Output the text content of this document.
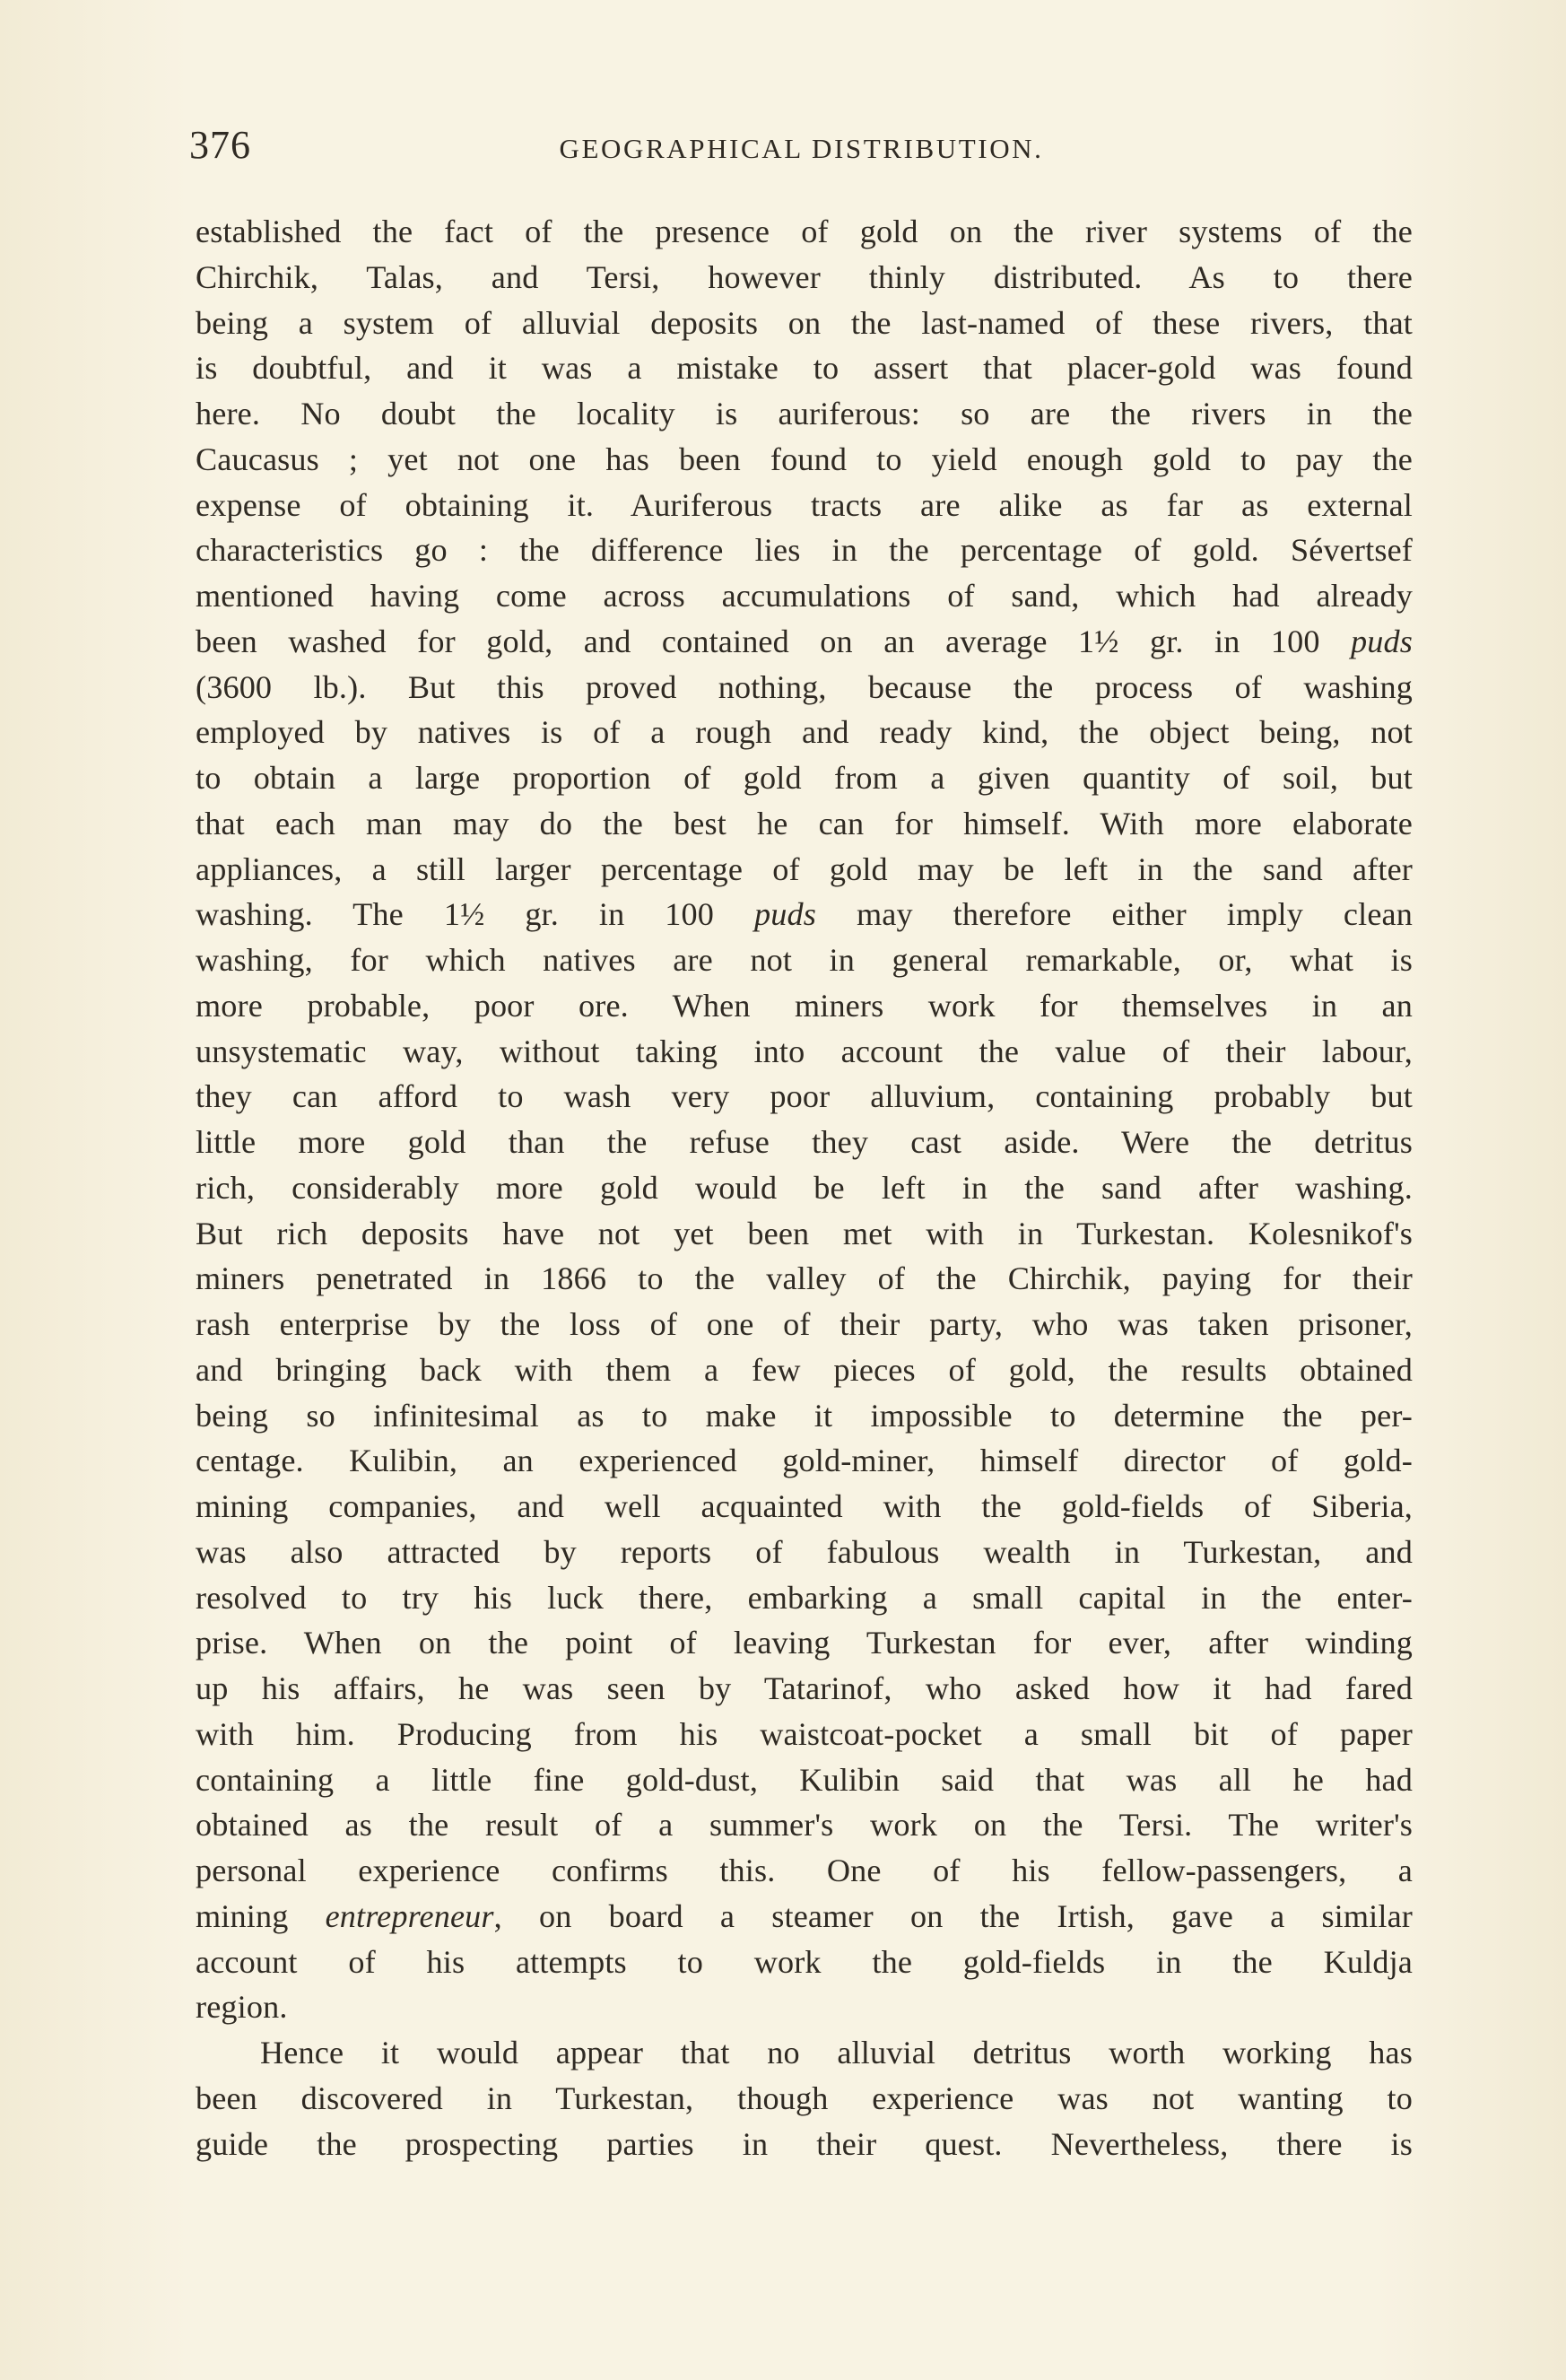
376	GEOGRAPHICAL DISTRIBUTION.
established the fact of the presence of gold on the river systems of the
Chirchik, Talas, and Tersi, however thinly distributed. As to there
being a system of alluvial deposits on the last-named of these rivers, that
is doubtful, and it was a mistake to assert that placer-gold was found
here. No doubt the locality is auriferous: so are the rivers in the
Caucasus ; yet not one has been found to yield enough gold to pay the
expense of obtaining it. Auriferous tracts are alike as far as external
characteristics go : the difference lies in the percentage of gold. Sévertsef
mentioned having come across accumulations of sand, which had already
been washed for gold, and contained on an average 1½ gr. in 100 puds
(3600 lb.). But this proved nothing, because the process of washing
employed by natives is of a rough and ready kind, the object being, not
to obtain a large proportion of gold from a given quantity of soil, but
that each man may do the best he can for himself. With more elaborate
appliances, a still larger percentage of gold may be left in the sand after
washing. The 1½ gr. in 100 puds may therefore either imply clean
washing, for which natives are not in general remarkable, or, what is
more probable, poor ore. When miners work for themselves in an
unsystematic way, without taking into account the value of their labour,
they can afford to wash very poor alluvium, containing probably but
little more gold than the refuse they cast aside. Were the detritus
rich, considerably more gold would be left in the sand after washing.
But rich deposits have not yet been met with in Turkestan. Kolesnikof's
miners penetrated in 1866 to the valley of the Chirchik, paying for their
rash enterprise by the loss of one of their party, who was taken prisoner,
and bringing back with them a few pieces of gold, the results obtained
being so infinitesimal as to make it impossible to determine the per-
centage. Kulibin, an experienced gold-miner, himself director of gold-
mining companies, and well acquainted with the gold-fields of Siberia,
was also attracted by reports of fabulous wealth in Turkestan, and
resolved to try his luck there, embarking a small capital in the enter-
prise. When on the point of leaving Turkestan for ever, after winding
up his affairs, he was seen by Tatarinof, who asked how it had fared
with him. Producing from his waistcoat-pocket a small bit of paper
containing a little fine gold-dust, Kulibin said that was all he had
obtained as the result of a summer's work on the Tersi. The writer's
personal experience confirms this. One of his fellow-passengers, a
mining entrepreneur, on board a steamer on the Irtish, gave a similar
account of his attempts to work the gold-fields in the Kuldja
region.
Hence it would appear that no alluvial detritus worth working has
been discovered in Turkestan, though experience was not wanting to
guide the prospecting parties in their quest. Nevertheless, there is
